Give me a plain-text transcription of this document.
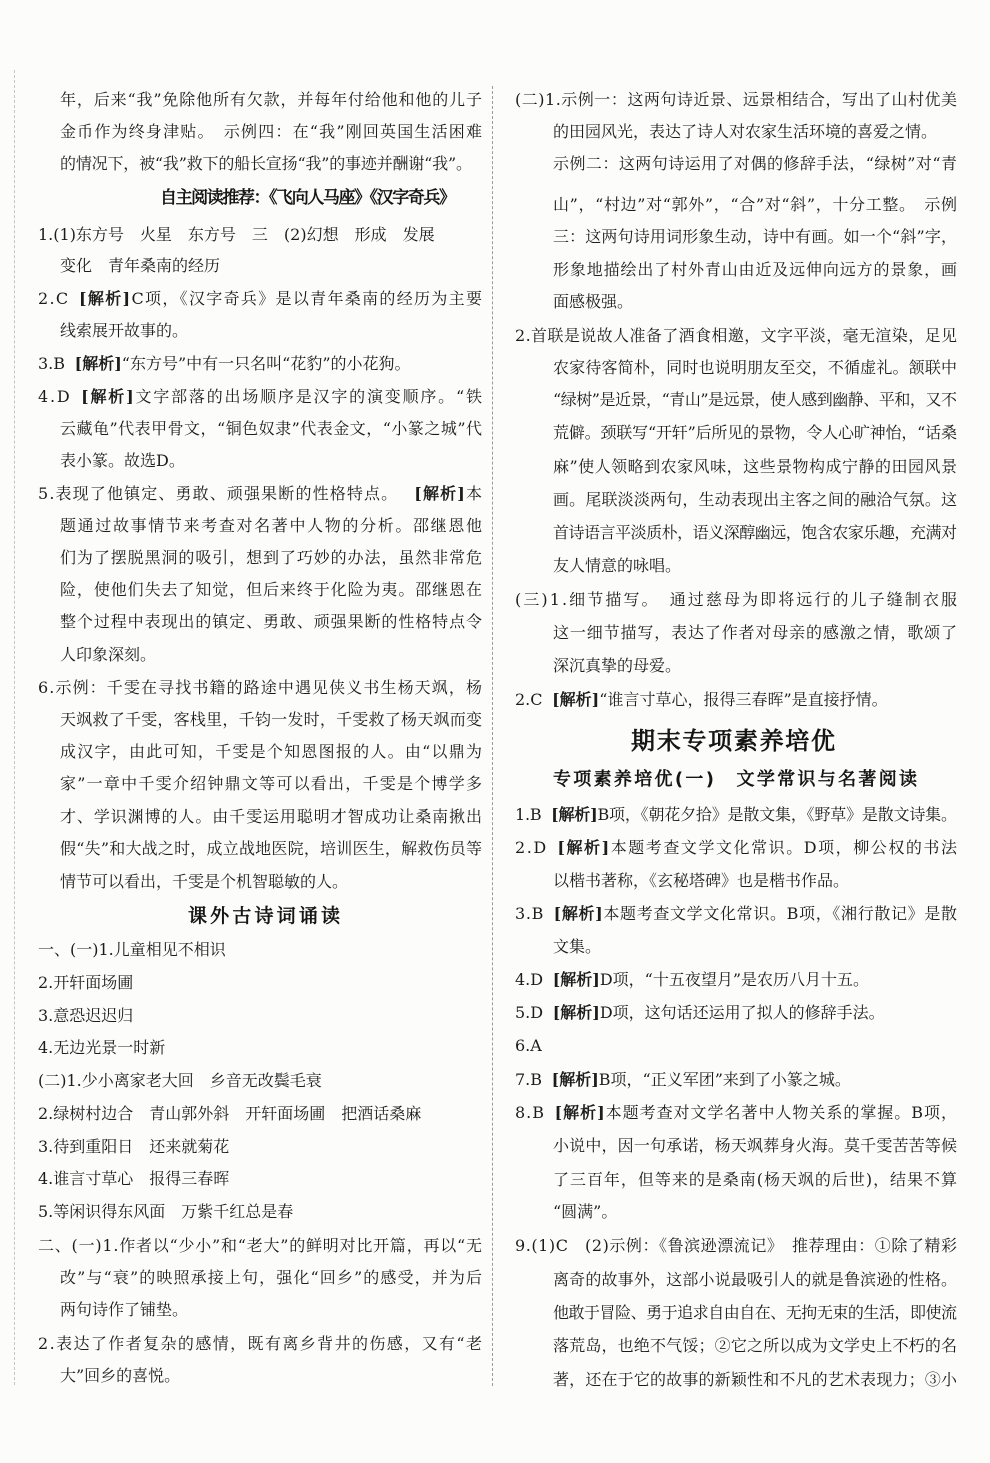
年，后来“我”免除他所有欠款，并每年付给他和他的儿子
金币作为终身津贴。　示例四：在“我”刚回英国生活困难
的情况下，被“我”救下的船长宣扬“我”的事迹并酬谢“我”。
自主阅读推荐：《飞向人马座》《汉字奇兵》
1.(1)东方号　火星　东方号　三　(2)幻想　形成　发展
变化　青年桑南的经历
2.C [解析]C项，《汉字奇兵》是以青年桑南的经历为主要
线索展开故事的。
3.B [解析]“东方号”中有一只名叫“花豹”的小花狗。
4.D [解析]文字部落的出场顺序是汉字的演变顺序。“铁
云藏龟”代表甲骨文，“铜色奴隶”代表金文，“小篆之城”代
表小篆。故选D。
5.表现了他镇定、勇敢、顽强果断的性格特点。 [解析]本
题通过故事情节来考查对名著中人物的分析。邵继恩他
们为了摆脱黑洞的吸引，想到了巧妙的办法，虽然非常危
险，使他们失去了知觉，但后来终于化险为夷。邵继恩在
整个过程中表现出的镇定、勇敢、顽强果断的性格特点令
人印象深刻。
6.示例：千雯在寻找书籍的路途中遇见侠义书生杨天飒，杨
天飒救了千雯，客栈里，千钧一发时，千雯救了杨天飒而变
成汉字，由此可知，千雯是个知恩图报的人。由“以鼎为
家”一章中千雯介绍钟鼎文等可以看出，千雯是个博学多
才、学识渊博的人。由千雯运用聪明才智成功让桑南揪出
假“失”和大战之时，成立战地医院，培训医生，解救伤员等
情节可以看出，千雯是个机智聪敏的人。
课外古诗词诵读
一、(一)1.儿童相见不相识
2.开轩面场圃
3.意恐迟迟归
4.无边光景一时新
(二)1.少小离家老大回　乡音无改鬓毛衰
2.绿树村边合　青山郭外斜　开轩面场圃　把酒话桑麻
3.待到重阳日　还来就菊花
4.谁言寸草心　报得三春晖
5.等闲识得东风面　万紫千红总是春
二、(一)1.作者以“少小”和“老大”的鲜明对比开篇，再以“无
改”与“衰”的映照承接上句，强化“回乡”的感受，并为后
两句诗作了铺垫。
2.表达了作者复杂的感情，既有离乡背井的伤感，又有“老
大”回乡的喜悦。
(二)1.示例一：这两句诗近景、远景相结合，写出了山村优美
的田园风光，表达了诗人对农家生活环境的喜爱之情。
示例二：这两句诗运用了对偶的修辞手法，“绿树”对“青
山”，“村边”对“郭外”，“合”对“斜”，十分工整。　示例
三：这两句诗用词形象生动，诗中有画。如一个“斜”字，
形象地描绘出了村外青山由近及远伸向远方的景象，画
面感极强。
2.首联是说故人准备了酒食相邀，文字平淡，毫无渲染，足见
农家待客简朴，同时也说明朋友至交，不循虚礼。颔联中
“绿树”是近景，“青山”是远景，使人感到幽静、平和，又不
荒僻。颈联写“开轩”后所见的景物，令人心旷神怡，“话桑
麻”使人领略到农家风味，这些景物构成宁静的田园风景
画。尾联淡淡两句，生动表现出主客之间的融洽气氛。这
首诗语言平淡质朴，语义深醇幽远，饱含农家乐趣，充满对
友人情意的咏唱。
(三)1.细节描写。　通过慈母为即将远行的儿子缝制衣服
这一细节描写，表达了作者对母亲的感激之情，歌颂了
深沉真挚的母爱。
2.C [解析]“谁言寸草心，报得三春晖”是直接抒情。
期末专项素养培优
专项素养培优(一)　文学常识与名著阅读
1.B [解析]B项，《朝花夕拾》是散文集，《野草》是散文诗集。
2.D [解析]本题考查文学文化常识。D项，柳公权的书法
以楷书著称，《玄秘塔碑》也是楷书作品。
3.B [解析]本题考查文学文化常识。B项，《湘行散记》是散
文集。
4.D [解析]D项，“十五夜望月”是农历八月十五。
5.D [解析]D项，这句话还运用了拟人的修辞手法。
6.A
7.B [解析]B项，“正义军团”来到了小篆之城。
8.B [解析]本题考查对文学名著中人物关系的掌握。B项，
小说中，因一句承诺，杨天飒葬身火海。莫千雯苦苦等候
了三百年，但等来的是桑南(杨天飒的后世)，结果不算
“圆满”。
9.(1)C　(2)示例：《鲁滨逊漂流记》　推荐理由：①除了精彩
离奇的故事外，这部小说最吸引人的就是鲁滨逊的性格。
他敢于冒险、勇于追求自由自在、无拘无束的生活，即使流
落荒岛，也绝不气馁；②它之所以成为文学史上不朽的名
著，还在于它的故事的新颖性和不凡的艺术表现力；③小
